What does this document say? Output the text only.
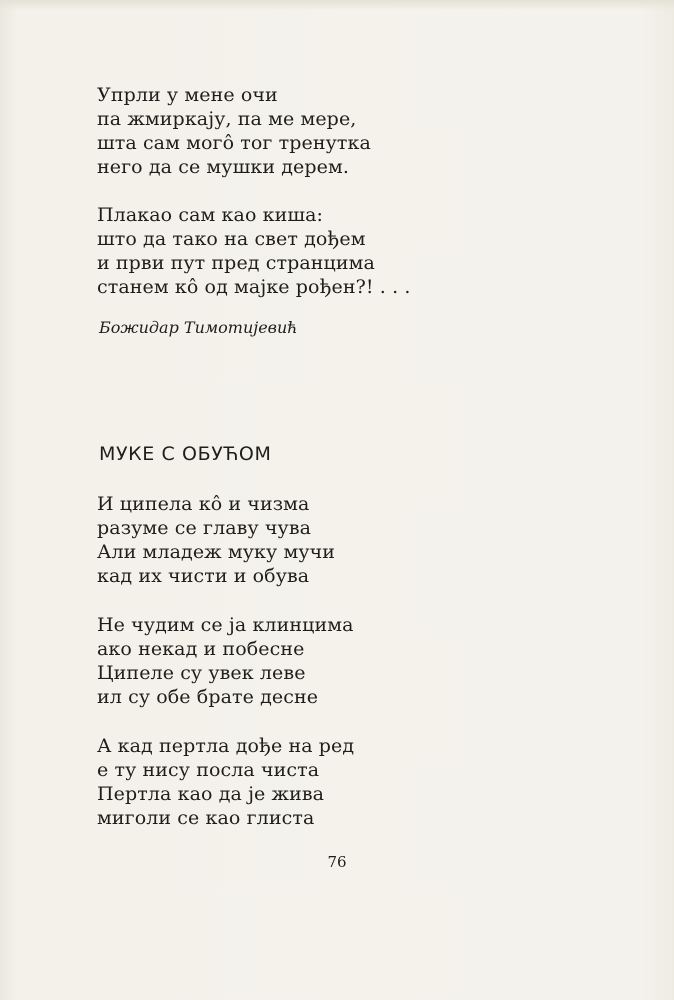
Упрли у мене очи
па жмиркају, па ме мере,
шта сам могô тог тренутка
него да се мушки дерем.
Плакао сам као киша:
што да тако на свет дођем
и први пут пред странцима
станем кô од мајке рођен?! . . .
Божидар Тимотијевић
МУКЕ С ОБУЋОМ
И ципела кô и чизма
разуме се главу чува
Али младеж муку мучи
кад их чисти и обува
Не чудим се ја клинцима
ако некад и побесне
Ципеле су увек леве
ил су обе брате десне
А кад пертла дође на ред
е ту нису посла чиста
Пертла као да је жива
миголи се као глиста
76
